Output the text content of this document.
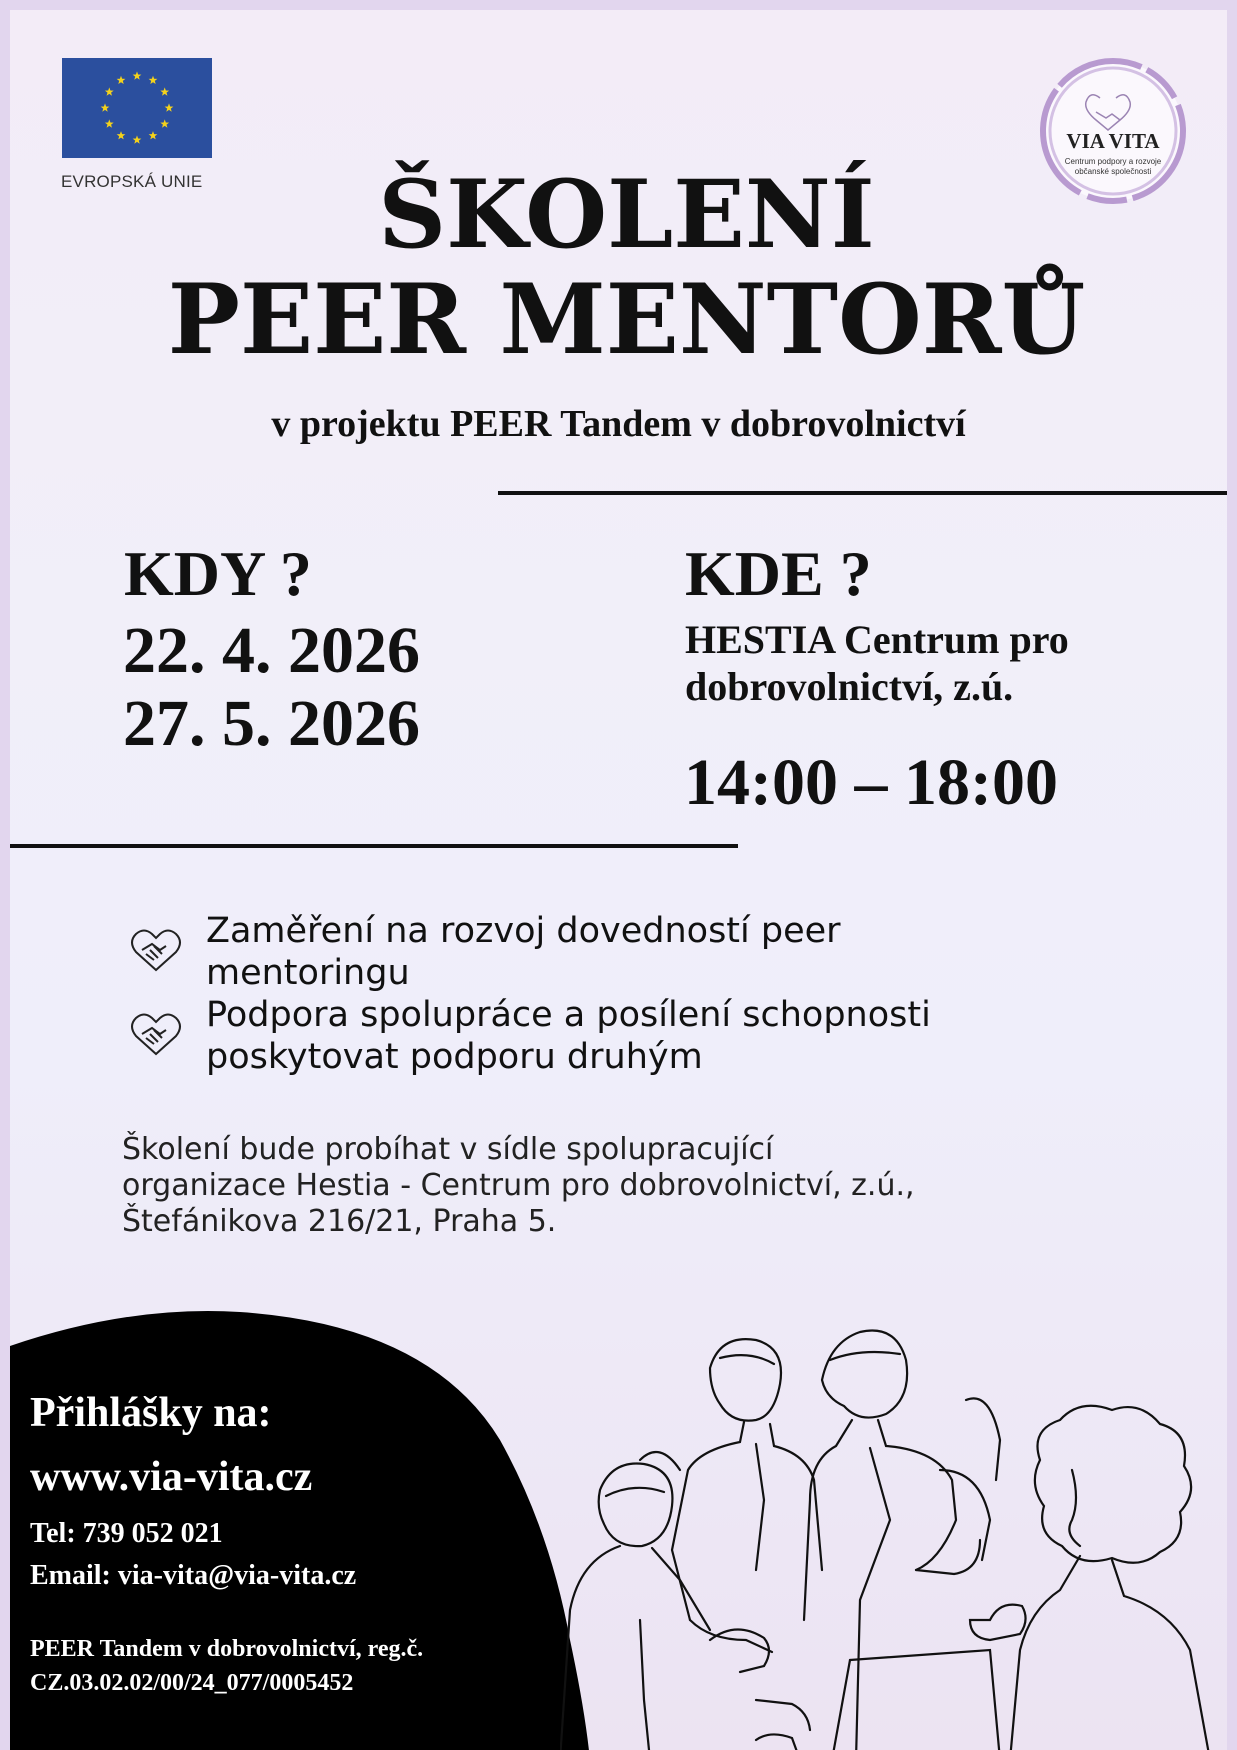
EVROPSKÁ UNIE
VIA VITA
Centrum podpory a rozvoje
občanské společnosti
ŠKOLENÍ
PEER MENTORŮ
v projektu PEER Tandem v dobrovolnictví
KDY ?
22. 4. 2026
27. 5. 2026
KDE ?
HESTIA Centrum pro
dobrovolnictví, z.ú.
14:00 – 18:00
Zaměření na rozvoj dovedností peer
mentoringu
Podpora spolupráce a posílení schopnosti
poskytovat podporu druhým
Školení bude probíhat v sídle spolupracující
organizace Hestia - Centrum pro dobrovolnictví, z.ú.,
Štefánikova 216/21, Praha 5.
Přihlášky na:
www.via-vita.cz
Tel: 739 052 021
Email: via-vita@via-vita.cz
PEER Tandem v dobrovolnictví, reg.č.
CZ.03.02.02/00/24_077/0005452
